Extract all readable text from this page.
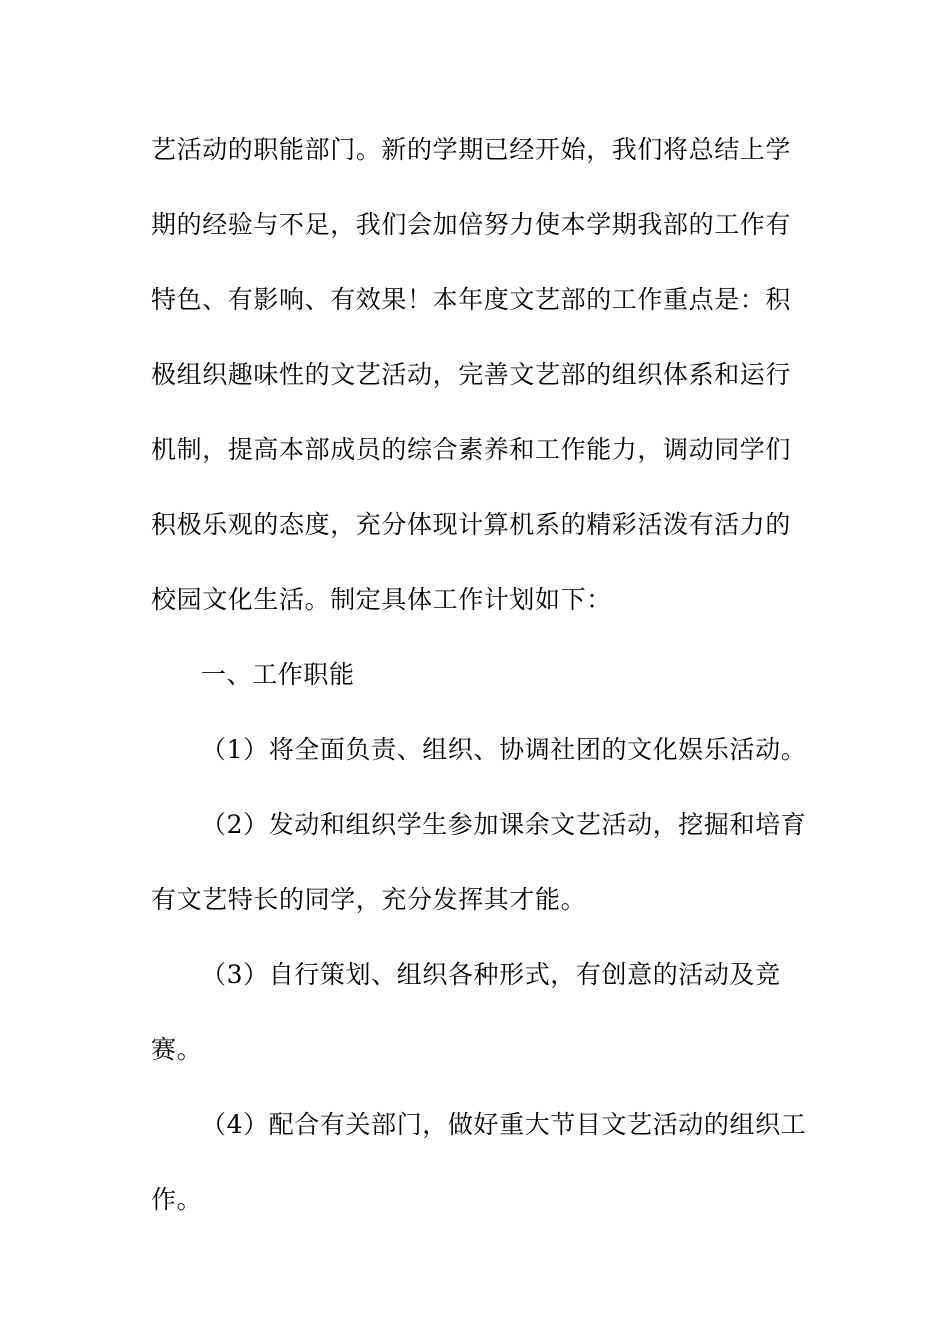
艺活动的职能部门。新的学期已经开始，我们将总结上学
期的经验与不足，我们会加倍努力使本学期我部的工作有
特色、有影响、有效果！本年度文艺部的工作重点是：积
极组织趣味性的文艺活动，完善文艺部的组织体系和运行
机制，提高本部成员的综合素养和工作能力，调动同学们
积极乐观的态度，充分体现计算机系的精彩活泼有活力的
校园文化生活。制定具体工作计划如下：
一、工作职能
（1）将全面负责、组织、协调社团的文化娱乐活动。
（2）发动和组织学生参加课余文艺活动，挖掘和培育
有文艺特长的同学，充分发挥其才能。
（3）自行策划、组织各种形式，有创意的活动及竞
赛。
（4）配合有关部门，做好重大节目文艺活动的组织工
作。
